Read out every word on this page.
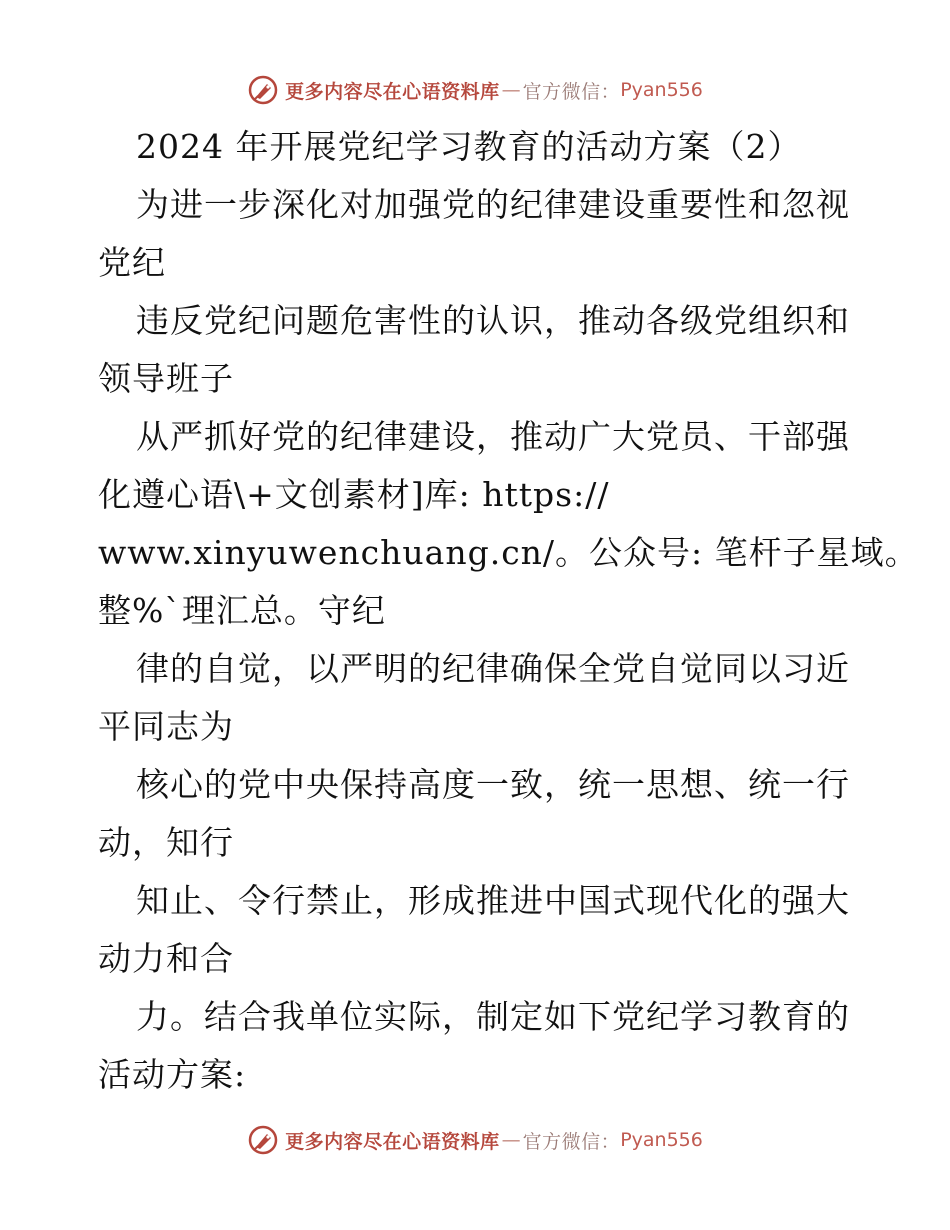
更多内容尽在心语资料库 — 官方微信： Pyan556
2024 年开展党纪学习教育的活动方案（2）
为进一步深化对加强党的纪律建设重要性和忽视
党纪
违反党纪问题危害性的认识，推动各级党组织和
领导班子
从严抓好党的纪律建设，推动广大党员、干部强
化遵心语\+文创素材]库: https://
www.xinyuwenchuang.cn/。公众号: 笔杆子星域。
整%`理汇总。守纪
律的自觉，以严明的纪律确保全党自觉同以习近
平同志为
核心的党中央保持高度一致，统一思想、统一行
动，知行
知止、令行禁止，形成推进中国式现代化的强大
动力和合
力。结合我单位实际，制定如下党纪学习教育的
活动方案:
更多内容尽在心语资料库 — 官方微信： Pyan556
